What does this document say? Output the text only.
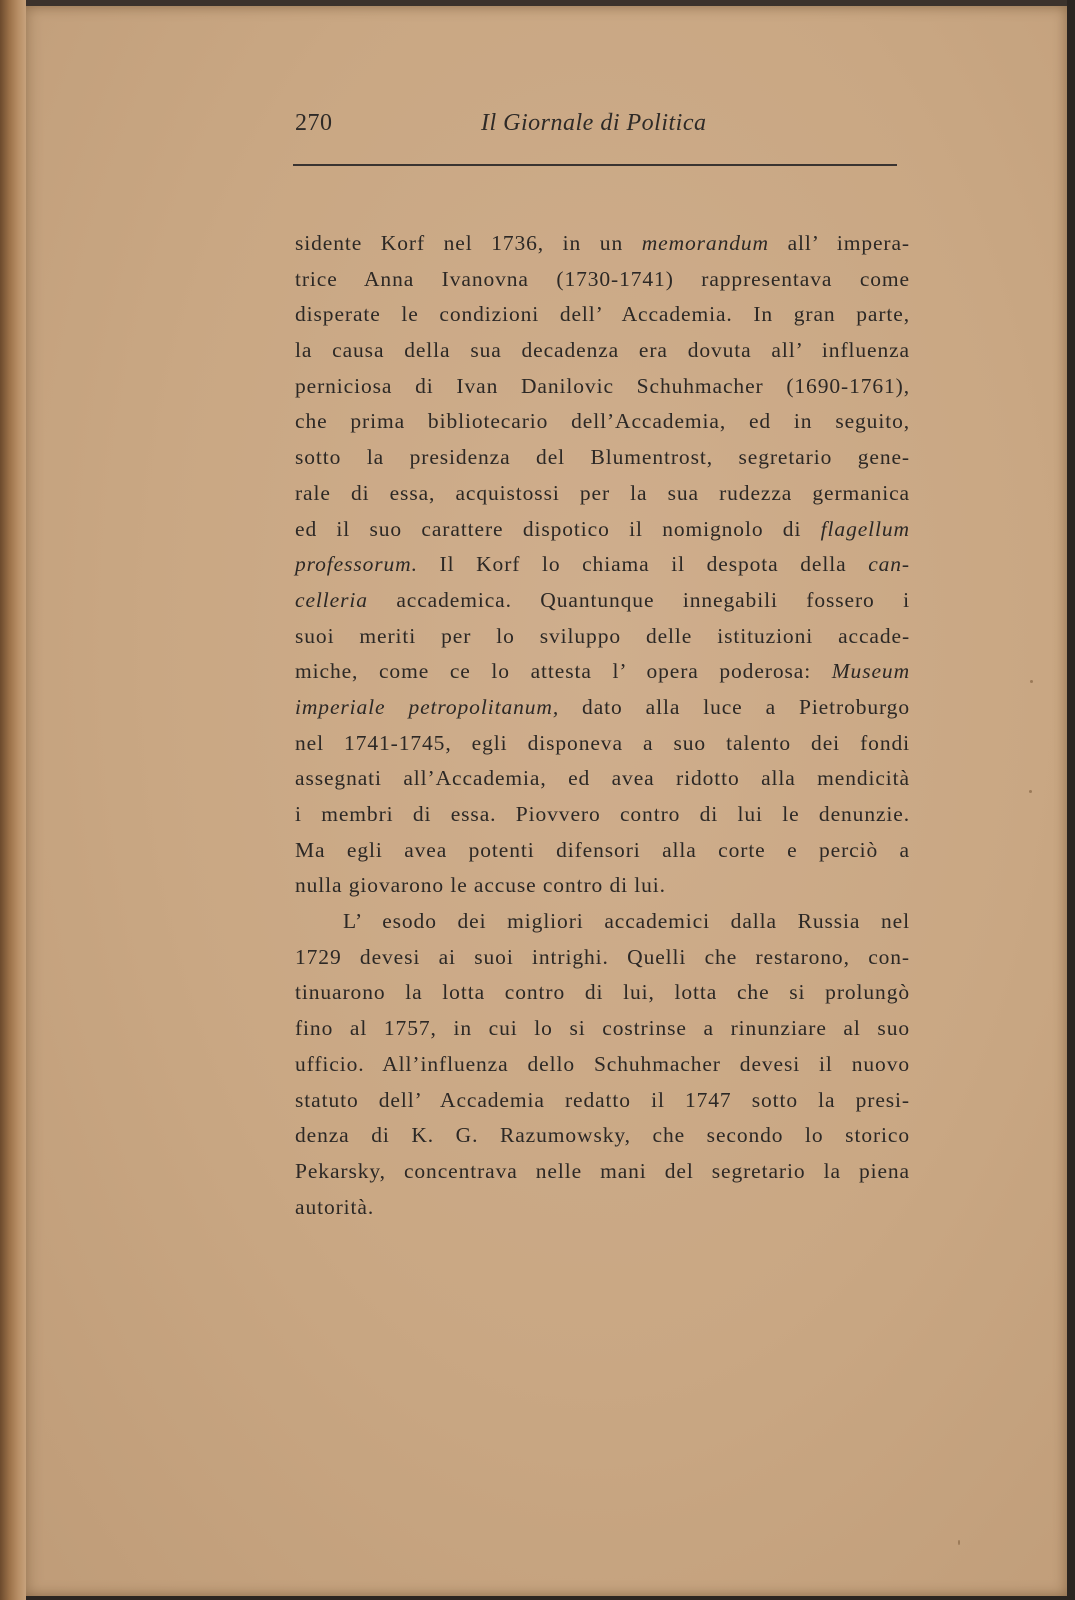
270	Il Giornale di Politica
sidente Korf nel 1736, in un memorandum all’ impera-
trice Anna Ivanovna (1730-1741) rappresentava come
disperate le condizioni dell’ Accademia. In gran parte,
la causa della sua decadenza era dovuta all’ influenza
perniciosa di Ivan Danilovic Schuhmacher (1690-1761),
che prima bibliotecario dell’Accademia, ed in seguito,
sotto la presidenza del Blumentrost, segretario gene-
rale di essa, acquistossi per la sua rudezza germanica
ed il suo carattere dispotico il nomignolo di flagellum
professorum. Il Korf lo chiama il despota della can-
celleria accademica. Quantunque innegabili fossero i
suoi meriti per lo sviluppo delle istituzioni accade-
miche, come ce lo attesta l’ opera poderosa: Museum
imperiale petropolitanum, dato alla luce a Pietroburgo
nel 1741-1745, egli disponeva a suo talento dei fondi
assegnati all’Accademia, ed avea ridotto alla mendicità
i membri di essa. Piovvero contro di lui le denunzie.
Ma egli avea potenti difensori alla corte e perciò a
nulla giovarono le accuse contro di lui.
L’ esodo dei migliori accademici dalla Russia nel
1729 devesi ai suoi intrighi. Quelli che restarono, con-
tinuarono la lotta contro di lui, lotta che si prolungò
fino al 1757, in cui lo si costrinse a rinunziare al suo
ufficio. All’influenza dello Schuhmacher devesi il nuovo
statuto dell’ Accademia redatto il 1747 sotto la presi-
denza di K. G. Razumowsky, che secondo lo storico
Pekarsky, concentrava nelle mani del segretario la piena
autorità.
